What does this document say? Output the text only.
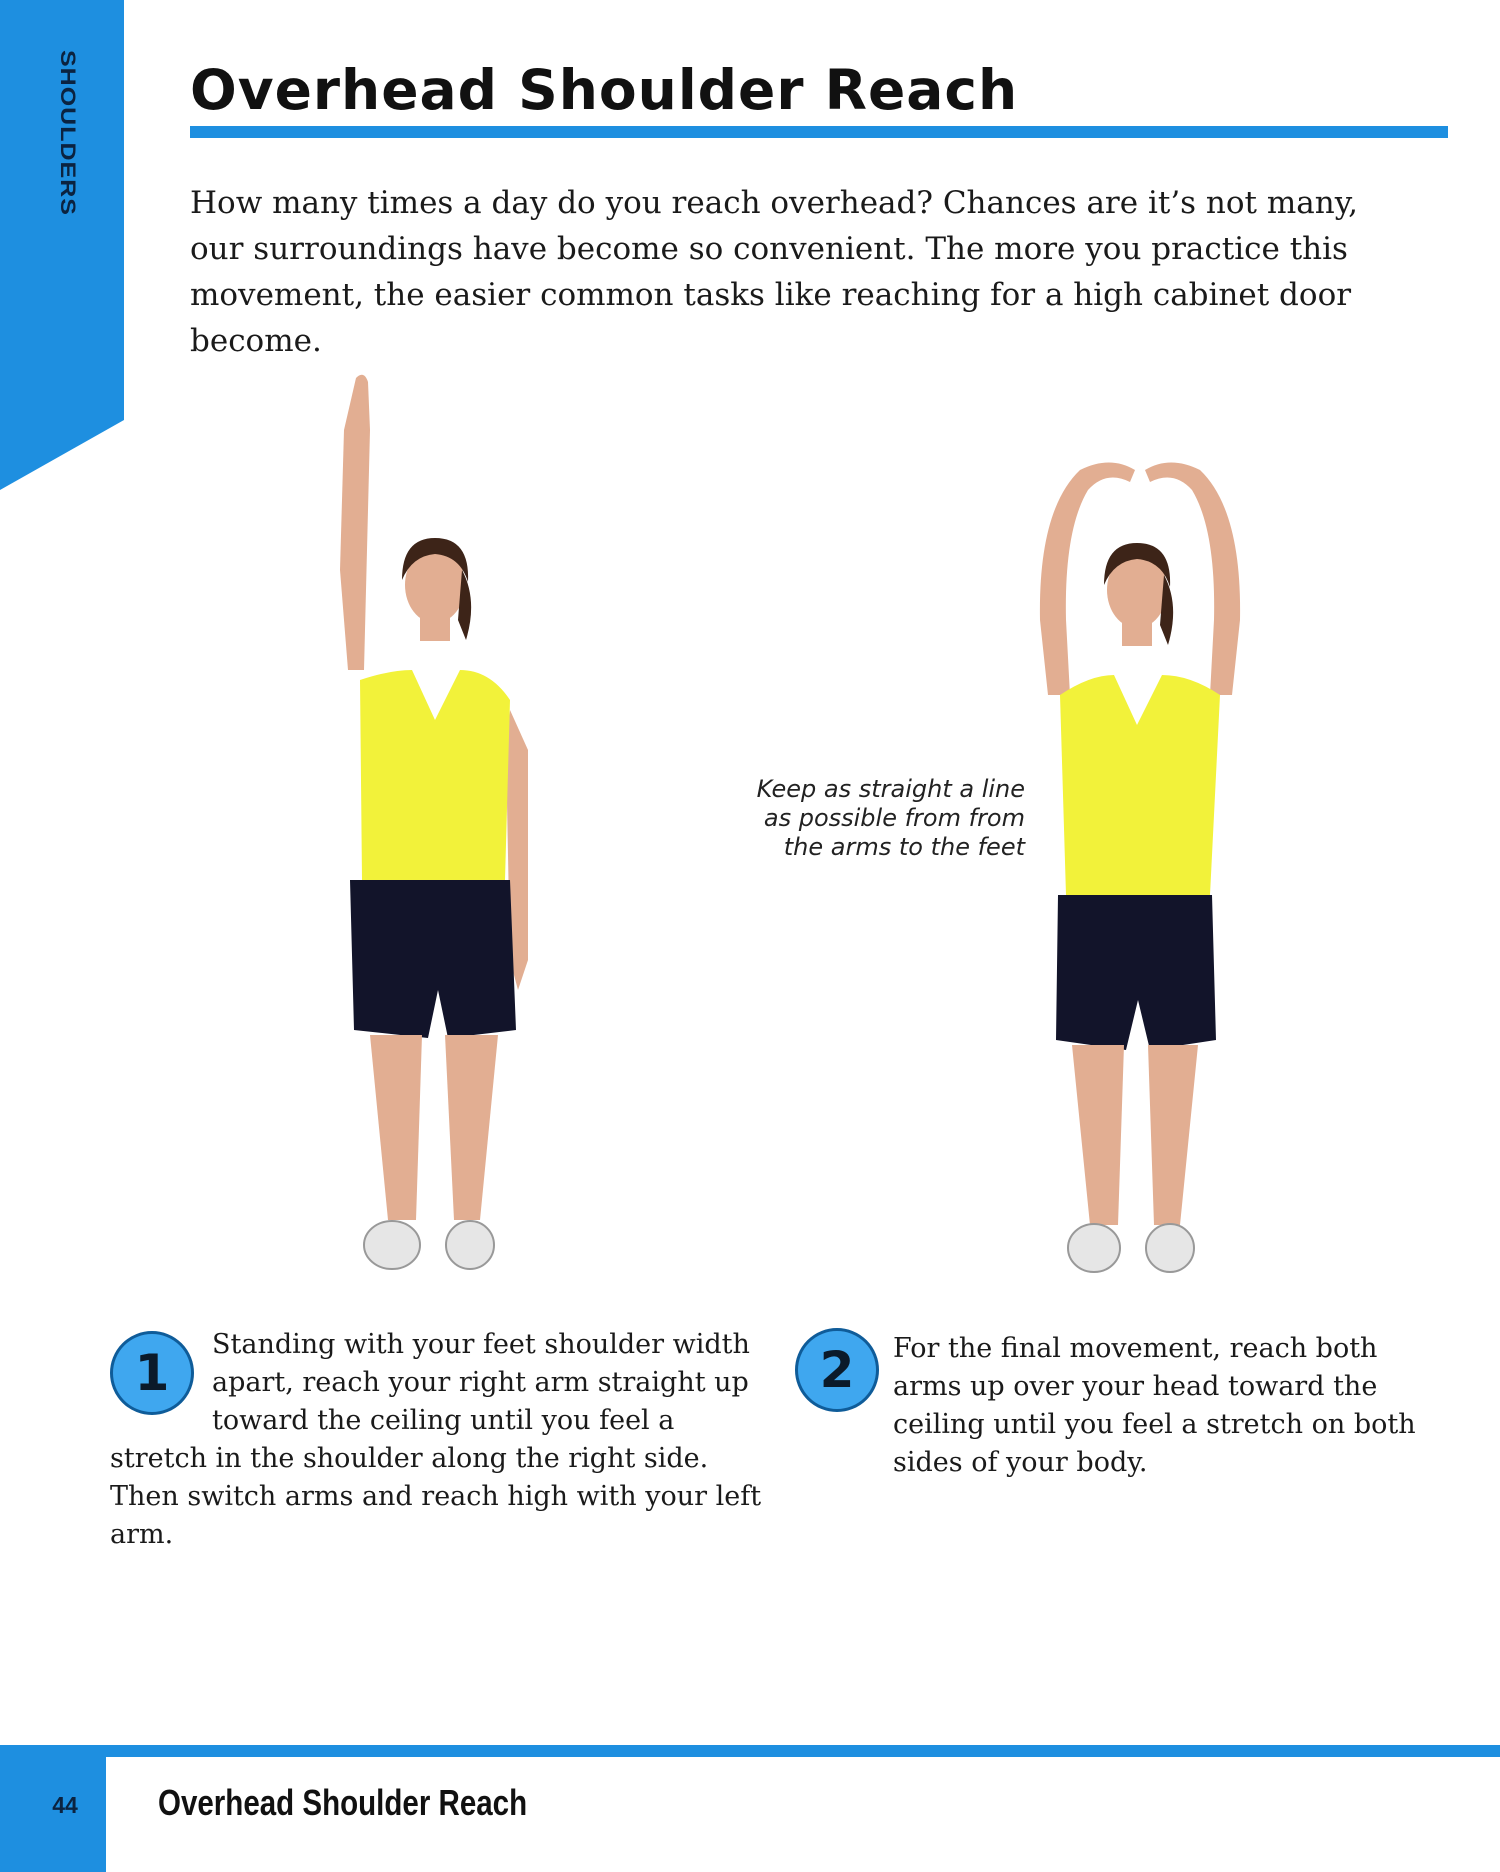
SHOULDERS Overhead Shoulder Reach

How many times a day do you reach overhead? Chances are it’s not many, our surroundings have become so convenient. The more you practice this movement, the easier common tasks like reaching for a high cabinet door become.

Keep as straight a line as possible from from the arms to the feet

1	Standing with your feet shoulder width apart, reach your right arm straight up toward the ceiling until you feel a stretch in the shoulder along the right side. Then switch arms and reach high with your left arm.

2	For the final movement, reach both arms up over your head toward the ceiling until you feel a stretch on both sides of your body.

44	Overhead Shoulder Reach
